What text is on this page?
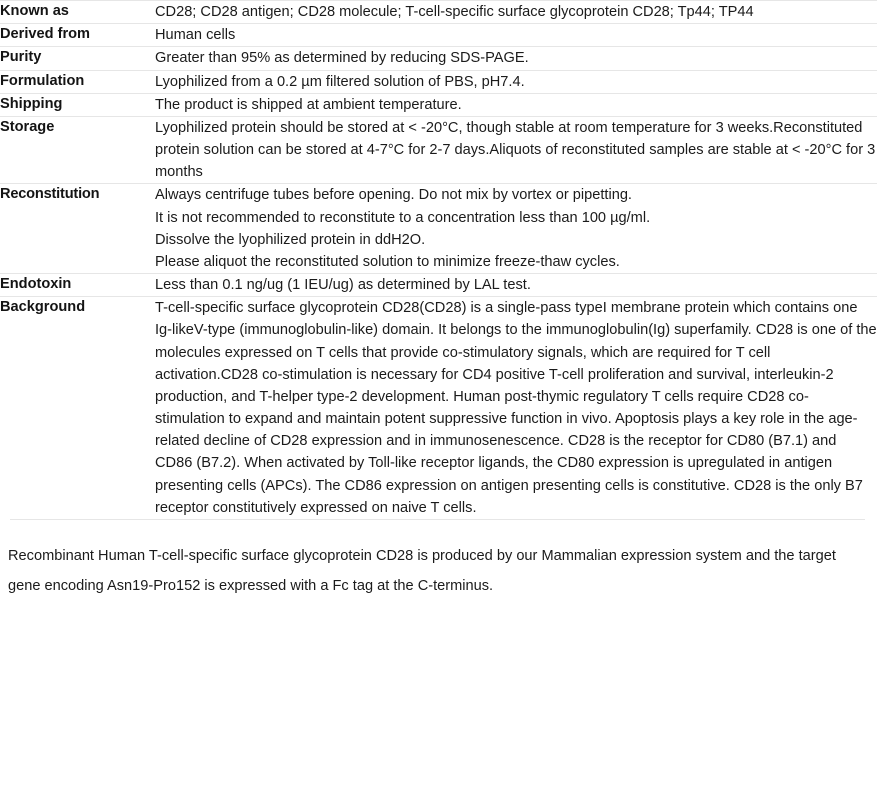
Known as	CD28; CD28 antigen; CD28 molecule; T-cell-specific surface glycoprotein CD28; Tp44; TP44

Derived from	Human cells

Purity	Greater than 95% as determined by reducing SDS-PAGE.

Formulation	Lyophilized from a 0.2 µm filtered solution of PBS, pH7.4.

Shipping	The product is shipped at ambient temperature.

Storage	Lyophilized protein should be stored at < -20°C, though stable at room temperature for 3 weeks.Reconstituted protein solution can be stored at 4-7°C for 2-7 days.Aliquots of reconstituted samples are stable at < -20°C for 3 months

Reconstitution	Always centrifuge tubes before opening. Do not mix by vortex or pipetting.
It is not recommended to reconstitute to a concentration less than 100 µg/ml.
Dissolve the lyophilized protein in ddH2O.
Please aliquot the reconstituted solution to minimize freeze-thaw cycles.

Endotoxin	Less than 0.1 ng/ug (1 IEU/ug) as determined by LAL test.

Background	T-cell-specific surface glycoprotein CD28(CD28) is a single-pass typeI membrane protein which contains one Ig-likeV-type (immunoglobulin-like) domain. It belongs to the immunoglobulin(Ig) superfamily. CD28 is one of the molecules expressed on T cells that provide co-stimulatory signals, which are required for T cell activation.CD28 co-stimulation is necessary for CD4 positive T-cell proliferation and survival, interleukin-2 production, and T-helper type-2 development. Human post-thymic regulatory T cells require CD28 co-stimulation to expand and maintain potent suppressive function in vivo. Apoptosis plays a key role in the age-related decline of CD28 expression and in immunosenescence. CD28 is the receptor for CD80 (B7.1) and CD86 (B7.2). When activated by Toll-like receptor ligands, the CD80 expression is upregulated in antigen presenting cells (APCs). The CD86 expression on antigen presenting cells is constitutive. CD28 is the only B7 receptor constitutively expressed on naive T cells.

Recombinant Human T-cell-specific surface glycoprotein CD28 is produced by our Mammalian expression system and the target gene encoding Asn19-Pro152 is expressed with a Fc tag at the C-terminus.
